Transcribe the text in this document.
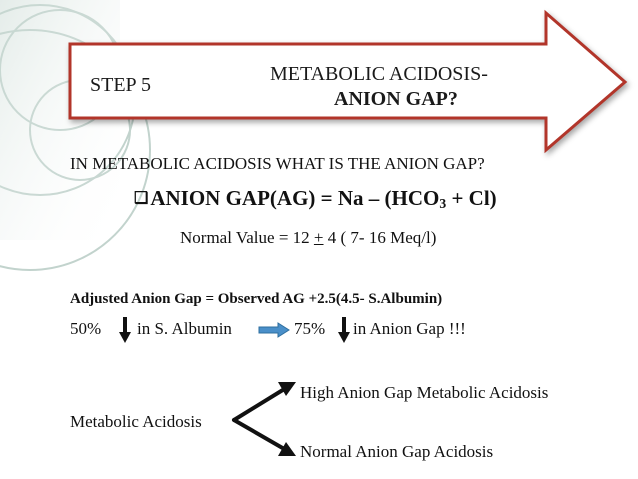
STEP 5	METABOLIC ACIDOSIS-
ANION GAP?
IN METABOLIC ACIDOSIS WHAT IS THE ANION GAP?
❑ANION $GAP(AG) = Na - (HCO_3 + Cl)$
Normal Value = 12 + 4 ( 7- 16 Meq/l)
Adjusted Anion Gap = Observed AG +2.5(4.5- S.Albumin)
50% in S. Albumin	75% in Anion Gap !!!
High Anion Gap Metabolic Acidosis
Metabolic Acidosis
Normal Anion Gap Acidosis
